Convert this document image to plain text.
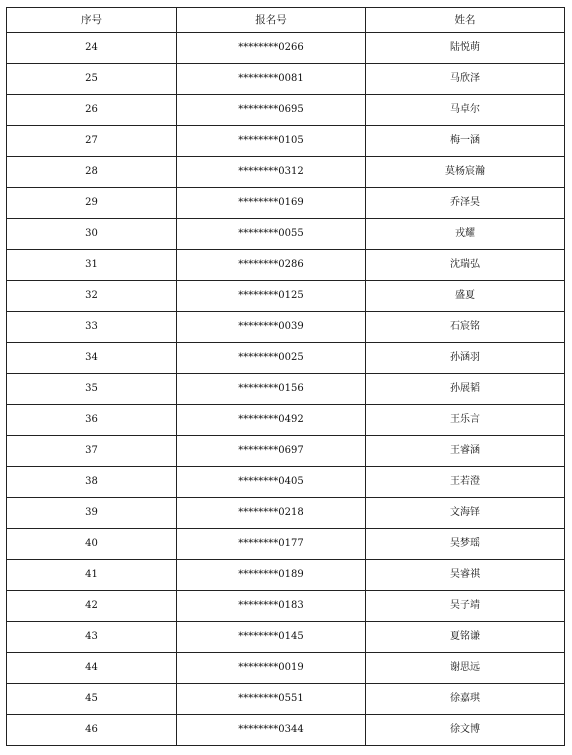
序号	报名号	姓名
24	********0266	陆悦萌
25	********0081	马欣泽
26	********0695	马卓尔
27	********0105	梅一涵
28	********0312	莫杨宸瀚
29	********0169	乔泽昊
30	********0055	戎耀
31	********0286	沈瑞弘
32	********0125	盛夏
33	********0039	石宸铭
34	********0025	孙涵羽
35	********0156	孙展韬
36	********0492	王乐言
37	********0697	王睿涵
38	********0405	王若澄
39	********0218	文海铎
40	********0177	吴梦瑶
41	********0189	吴睿祺
42	********0183	吴子靖
43	********0145	夏铭谦
44	********0019	谢思远
45	********0551	徐嘉琪
46	********0344	徐文博
